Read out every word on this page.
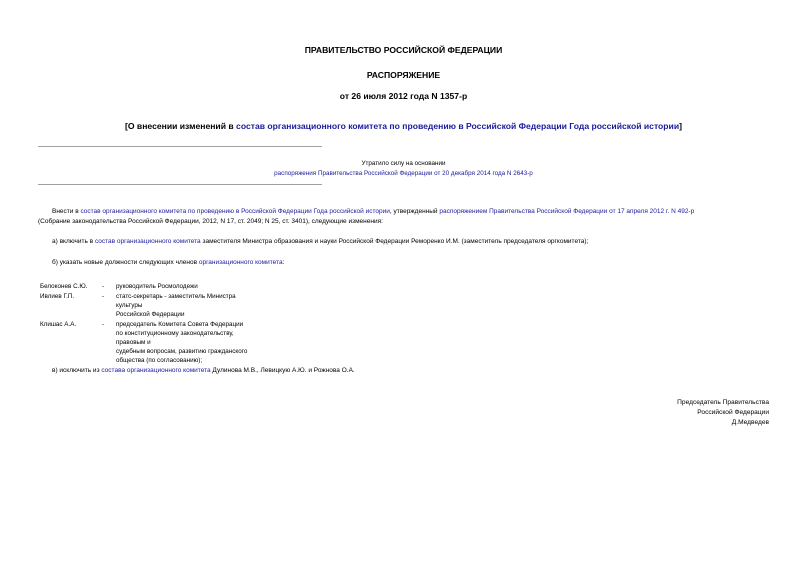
ПРАВИТЕЛЬСТВО РОССИЙСКОЙ ФЕДЕРАЦИИ
РАСПОРЯЖЕНИЕ
от 26 июля 2012 года N 1357-р
[О внесении изменений в состав организационного комитета по проведению в Российской Федерации Года российской истории]
Утратило силу на основании
распоряжения Правительства Российской Федерации от 20 декабря 2014 года N 2643-р
Внести в состав организационного комитета по проведению в Российской Федерации Года российской истории, утвержденный распоряжением Правительства Российской Федерации от 17 апреля 2012 г. N 492-р
(Собрание законодательства Российской Федерации, 2012, N 17, ст. 2049; N 25, ст. 3401), следующие изменения:
а) включить в состав организационного комитета заместителя Министра образования и науки Российской Федерации Реморенко И.М. (заместитель председателя оргкомитета);
б) указать новые должности следующих членов организационного комитета:
Белоконев С.Ю.	-	руководитель Росмолодежи
Ивлиев Г.П.	-	статс-секретарь - заместитель Министра
культуры
Российской Федерации
Клишас А.А.	-	председатель Комитета Совета Федерации
по конституционному законодательству,
правовым и
судебным вопросам, развитию гражданского
общества (по согласованию);
в) исключить из состава организационного комитета Дулинова М.В., Левицкую А.Ю. и Рожнова О.А.
Председатель Правительства
Российской Федерации
Д.Медведев
